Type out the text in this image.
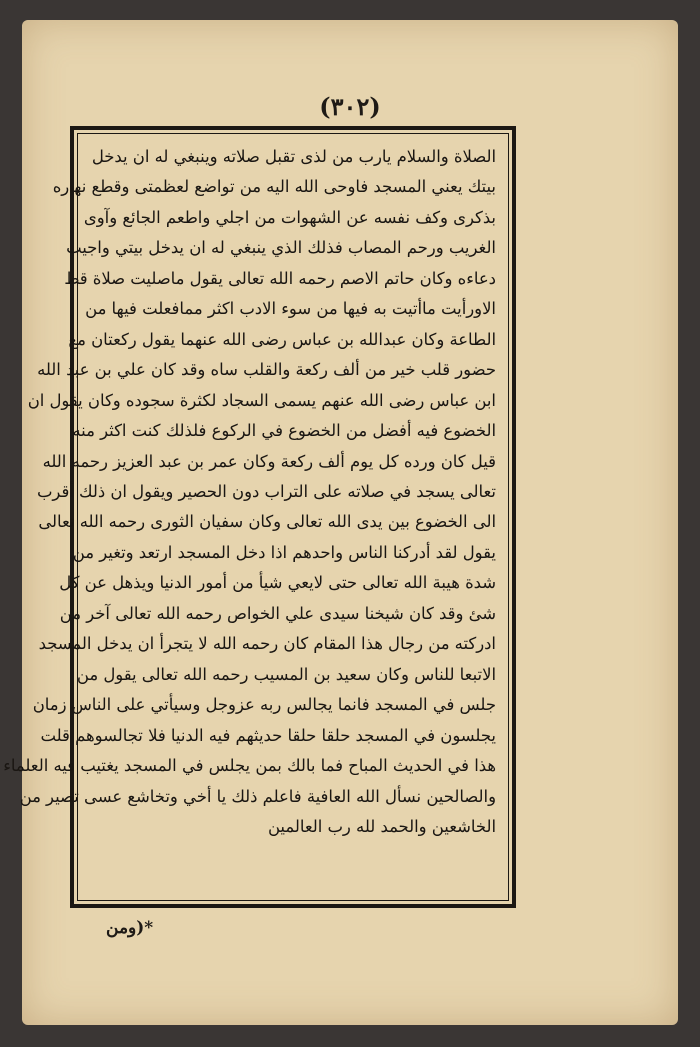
(٣٠٢)

الصلاة والسلام يارب من لذى تقبل صلاته وينبغي له ان يدخل
بيتك يعني المسجد فاوحى الله اليه من تواضع لعظمتى وقطع نهاره
بذكرى وكف نفسه عن الشهوات من اجلي واطعم الجائع وآوى
الغريب ورحم المصاب فذلك الذي ينبغي له ان يدخل بيتي واجيب
دعاءه وكان حاتم الاصم رحمه الله تعالى يقول ماصليت صلاة قط
الاورأيت ماأتيت به فيها من سوء الادب اكثر ممافعلت فيها من
الطاعة وكان عبدالله بن عباس رضى الله عنهما يقول ركعتان مع
حضور قلب خير من ألف ركعة والقلب ساه وقد كان علي بن عبد الله
ابن عباس رضى الله عنهم يسمى السجاد لكثرة سجوده وكان يقول ان
الخضوع فيه أفضل من الخضوع في الركوع فلذلك كنت اكثر منه
قيل كان ورده كل يوم ألف ركعة وكان عمر بن عبد العزيز رحمه الله
تعالى يسجد في صلاته على التراب دون الحصير ويقول ان ذلك أقرب
الى الخضوع بين يدى الله تعالى وكان سفيان الثورى رحمه الله تعالى
يقول لقد أدركنا الناس واحدهم اذا دخل المسجد ارتعد وتغير من
شدة هيبة الله تعالى حتى لايعي شيأ من أمور الدنيا ويذهل عن كل
شئ وقد كان شيخنا سيدى علي الخواص رحمه الله تعالى آخر من
ادركته من رجال هذا المقام كان رحمه الله لا يتجرأ ان يدخل المسجد
الاتبعا للناس وكان سعيد بن المسيب رحمه الله تعالى يقول من
جلس في المسجد فانما يجالس ربه عزوجل وسيأتي على الناس زمان
يجلسون في المسجد حلقا حلقا حديثهم فيه الدنيا فلا تجالسوهم قلت
هذا في الحديث المباح فما بالك بمن يجلس في المسجد يغتيب فيه العلماء
والصالحين نسأل الله العافية فاعلم ذلك يا أخي وتخاشع عسى تصير من
الخاشعين والحمد لله رب العالمين

*(ومن
